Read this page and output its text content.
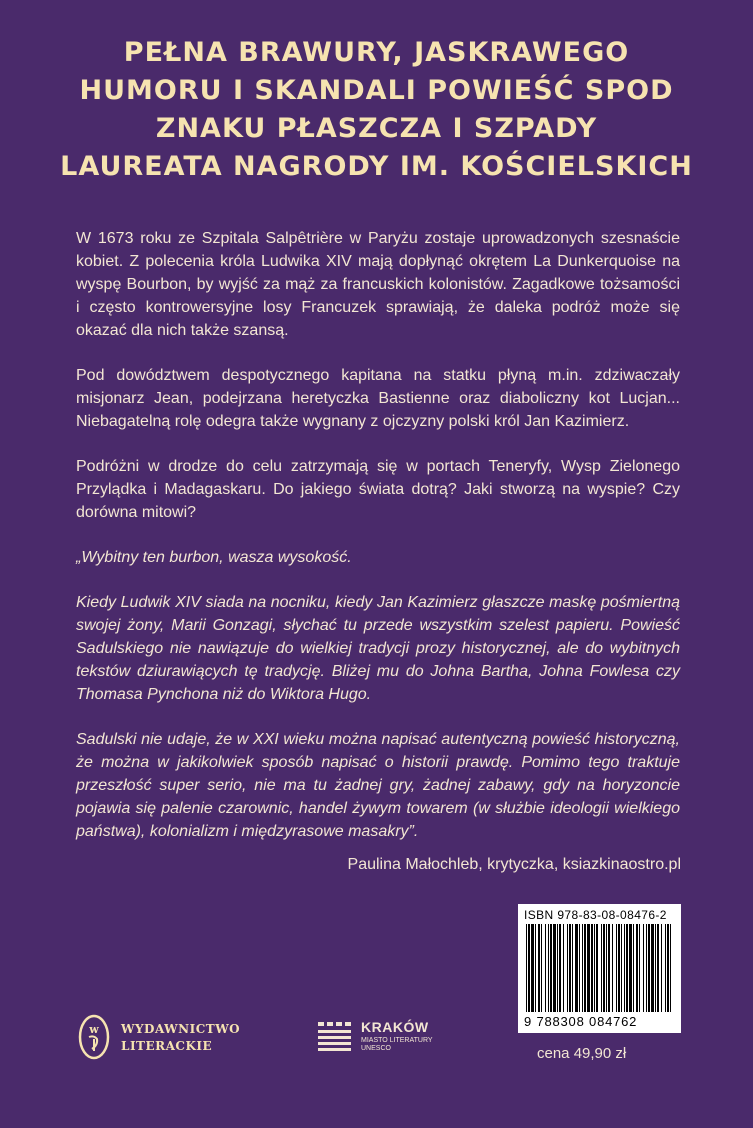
PEŁNA BRAWURY, JASKRAWEGO
HUMORU I SKANDALI POWIEŚĆ SPOD
ZNAKU PŁASZCZA I SZPADY
LAUREATA NAGRODY IM. KOŚCIELSKICH

W 1673 roku ze Szpitala Salpêtrière w Paryżu zostaje uprowadzonych szesnaście kobiet. Z polecenia króla Ludwika XIV mają dopłynąć okrętem La Dunkerquoise na wyspę Bourbon, by wyjść za mąż za francuskich kolonistów. Zagadkowe tożsamości i często kontrowersyjne losy Francuzek sprawiają, że daleka podróż może się okazać dla nich także szansą.

Pod dowództwem despotycznego kapitana na statku płyną m.in. zdziwaczały misjonarz Jean, podejrzana heretyczka Bastienne oraz diaboliczny kot Lucjan... Niebagatelną rolę odegra także wygnany z ojczyzny polski król Jan Kazimierz.

Podróżni w drodze do celu zatrzymają się w portach Teneryfy, Wysp Zielonego Przylądka i Madagaskaru. Do jakiego świata dotrą? Jaki stworzą na wyspie? Czy dorówna mitowi?

„Wybitny ten burbon, wasza wysokość.

Kiedy Ludwik XIV siada na nocniku, kiedy Jan Kazimierz głaszcze maskę pośmiertną swojej żony, Marii Gonzagi, słychać tu przede wszystkim szelest papieru. Powieść Sadulskiego nie nawiązuje do wielkiej tradycji prozy historycznej, ale do wybitnych tekstów dziurawiących tę tradycję. Bliżej mu do Johna Bartha, Johna Fowlesa czy Thomasa Pynchona niż do Wiktora Hugo.

Sadulski nie udaje, że w XXI wieku można napisać autentyczną powieść historyczną, że można w jakikolwiek sposób napisać o historii prawdę. Pomimo tego traktuje przeszłość super serio, nie ma tu żadnej gry, żadnej zabawy, gdy na horyzoncie pojawia się palenie czarownic, handel żywym towarem (w służbie ideologii wielkiego państwa), kolonializm i międzyrasowe masakry”.

Paulina Małochleb, krytyczka, ksiazkinaostro.pl
ISBN 978-83-08-08476-2
9 788308 084762
cena 49,90 zł
w WYDAWNICTWO
LITERACKIE
KRAKÓW
MIASTO LITERATURY
UNESCO
